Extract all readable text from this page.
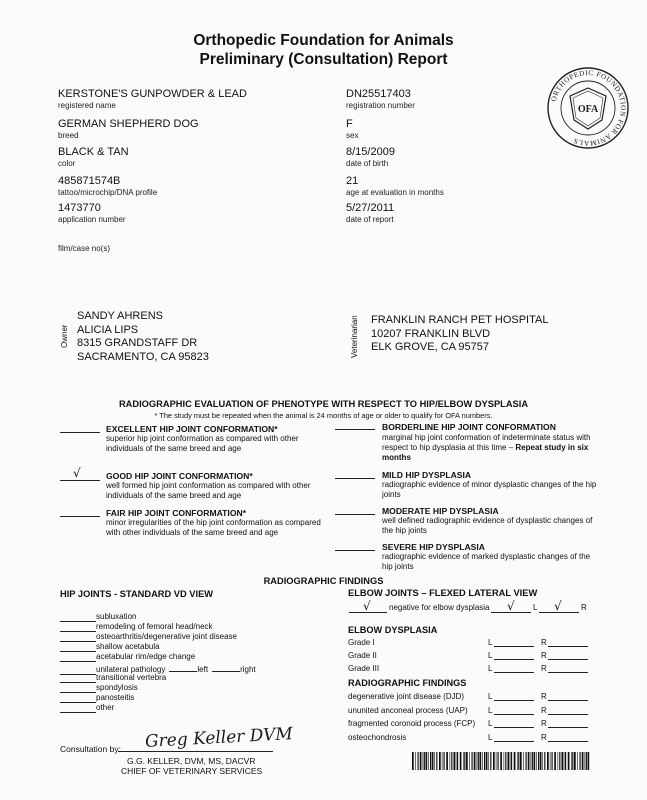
Orthopedic Foundation for Animals
Preliminary (Consultation) Report
ORTHOPEDIC FOUNDATION FOR ANIMALS
OFA
KERSTONE'S GUNPOWDER & LEAD
registered name
GERMAN SHEPHERD DOG
breed
BLACK & TAN
color
485871574B
tattoo/microchip/DNA profile
1473770
application number
film/case no(s)
DN25517403
registration number
F
sex
8/15/2009
date of birth
21
age at evaluation in months
5/27/2011
date of report
Owner
SANDY AHRENS
ALICIA LIPS
8315 GRANDSTAFF DR
SACRAMENTO, CA 95823	Veterinarian FRANKLIN RANCH PET HOSPITAL
10207 FRANKLIN BLVD
ELK GROVE, CA 95757
RADIOGRAPHIC EVALUATION OF PHENOTYPE WITH RESPECT TO HIP/ELBOW DYSPLASIA
* The study must be repeated when the animal is 24 months of age or older to qualify for OFA numbers.
EXCELLENT HIP JOINT CONFORMATION*
superior hip joint conformation as compared with other
individuals of the same breed and age
√	GOOD HIP JOINT CONFORMATION*
well formed hip joint conformation as compared with other
individuals of the same breed and age
FAIR HIP JOINT CONFORMATION*
minor irregularities of the hip joint conformation as compared
with other individuals of the same breed and age
BORDERLINE HIP JOINT CONFORMATION
marginal hip joint conformation of indeterminate status with
respect to hip dysplasia at this time – Repeat study in six
months
MILD HIP DYSPLASIA
radiographic evidence of minor dysplastic changes of the hip
joints
MODERATE HIP DYSPLASIA
well defined radiographic evidence of dysplastic changes of
the hip joints
SEVERE HIP DYSPLASIA
radiographic evidence of marked dysplastic changes of the
hip joints
RADIOGRAPHIC FINDINGS
HIP JOINTS - STANDARD VD VIEW
subluxation
remodeling of femoral head/neck
osteoarthritis/degenerative joint disease
shallow acetabula
acetabular rim/edge change
unilateral pathology	left	right
transitional vertebra
spondylosis
panosteitis
other
ELBOW JOINTS – FLEXED LATERAL VIEW
√ negative for elbow dysplasia √ L √ R
ELBOW DYSPLASIA
Grade I	L	R
Grade II	L	R
Grade III	L	R
RADIOGRAPHIC FINDINGS
degenerative joint disease (DJD)	L	R
ununited anconeal process (UAP)	L	R
fragmented coronoid process (FCP) L	R
osteochondrosis	L	R
Consultation by: Greg Keller DVM
G.G. KELLER, DVM, MS, DACVR
CHIEF OF VETERINARY SERVICES
